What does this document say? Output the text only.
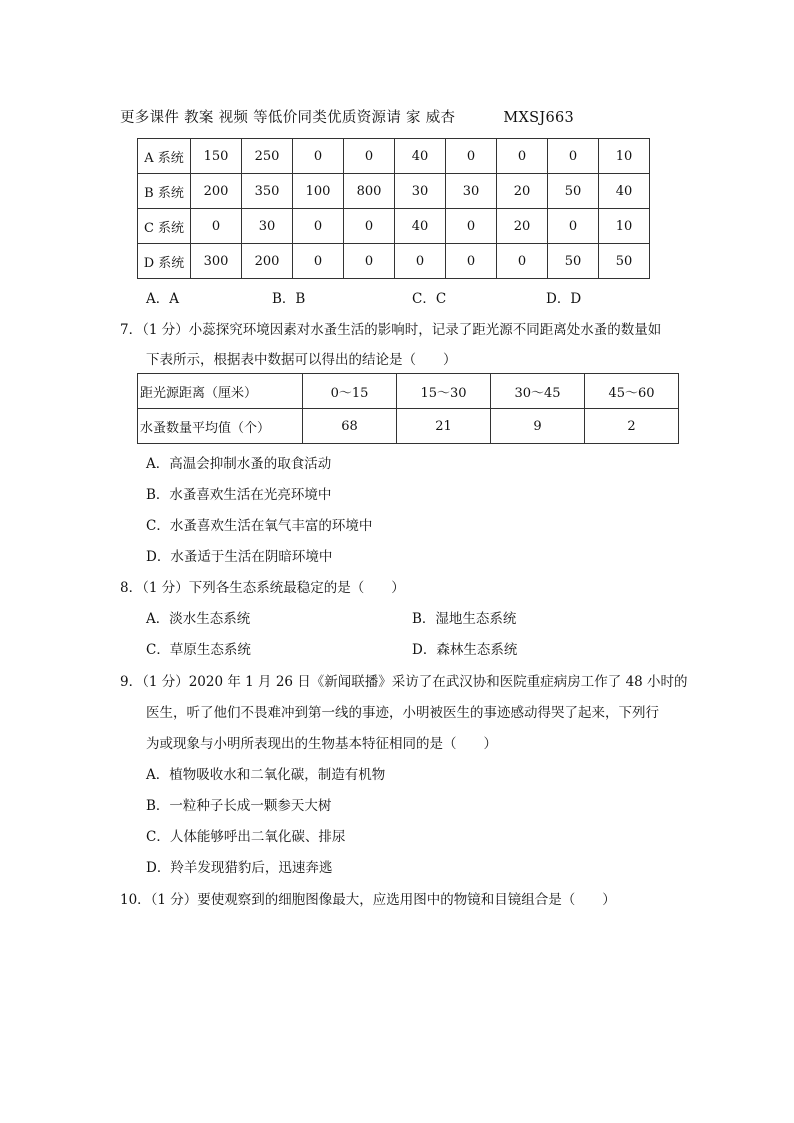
更多课件 教案 视频 等低价同类优质资源请 家 威杏	MXSJ663
A 系统	150	250	0	0	40	0	0	0	10
B 系统	200	350	100	800	30	30	20	50	40
C 系统	0	30	0	0	40	0	20	0	10
D 系统	300	200	0	0	0	0	0	50	50
A．A	B．B	C．C	D．D
7．（1 分）小蕊探究环境因素对水蚤生活的影响时，记录了距光源不同距离处水蚤的数量如
下表所示，根据表中数据可以得出的结论是（　　）
距光源距离（厘米）	0～15	15～30	30～45	45～60
水蚤数量平均值（个）	68	21	9	2
A．高温会抑制水蚤的取食活动
B．水蚤喜欢生活在光亮环境中
C．水蚤喜欢生活在氧气丰富的环境中
D．水蚤适于生活在阴暗环境中
8．（1 分）下列各生态系统最稳定的是（　　）
A．淡水生态系统	B．湿地生态系统
C．草原生态系统	D．森林生态系统
9．（1 分）2020 年 1 月 26 日《新闻联播》采访了在武汉协和医院重症病房工作了 48 小时的
医生，听了他们不畏难冲到第一线的事迹，小明被医生的事迹感动得哭了起来，下列行
为或现象与小明所表现出的生物基本特征相同的是（　　）
A．植物吸收水和二氧化碳，制造有机物
B．一粒种子长成一颗参天大树
C．人体能够呼出二氧化碳、排尿
D．羚羊发现猎豹后，迅速奔逃
10．（1 分）要使观察到的细胞图像最大，应选用图中的物镜和目镜组合是（　　）
